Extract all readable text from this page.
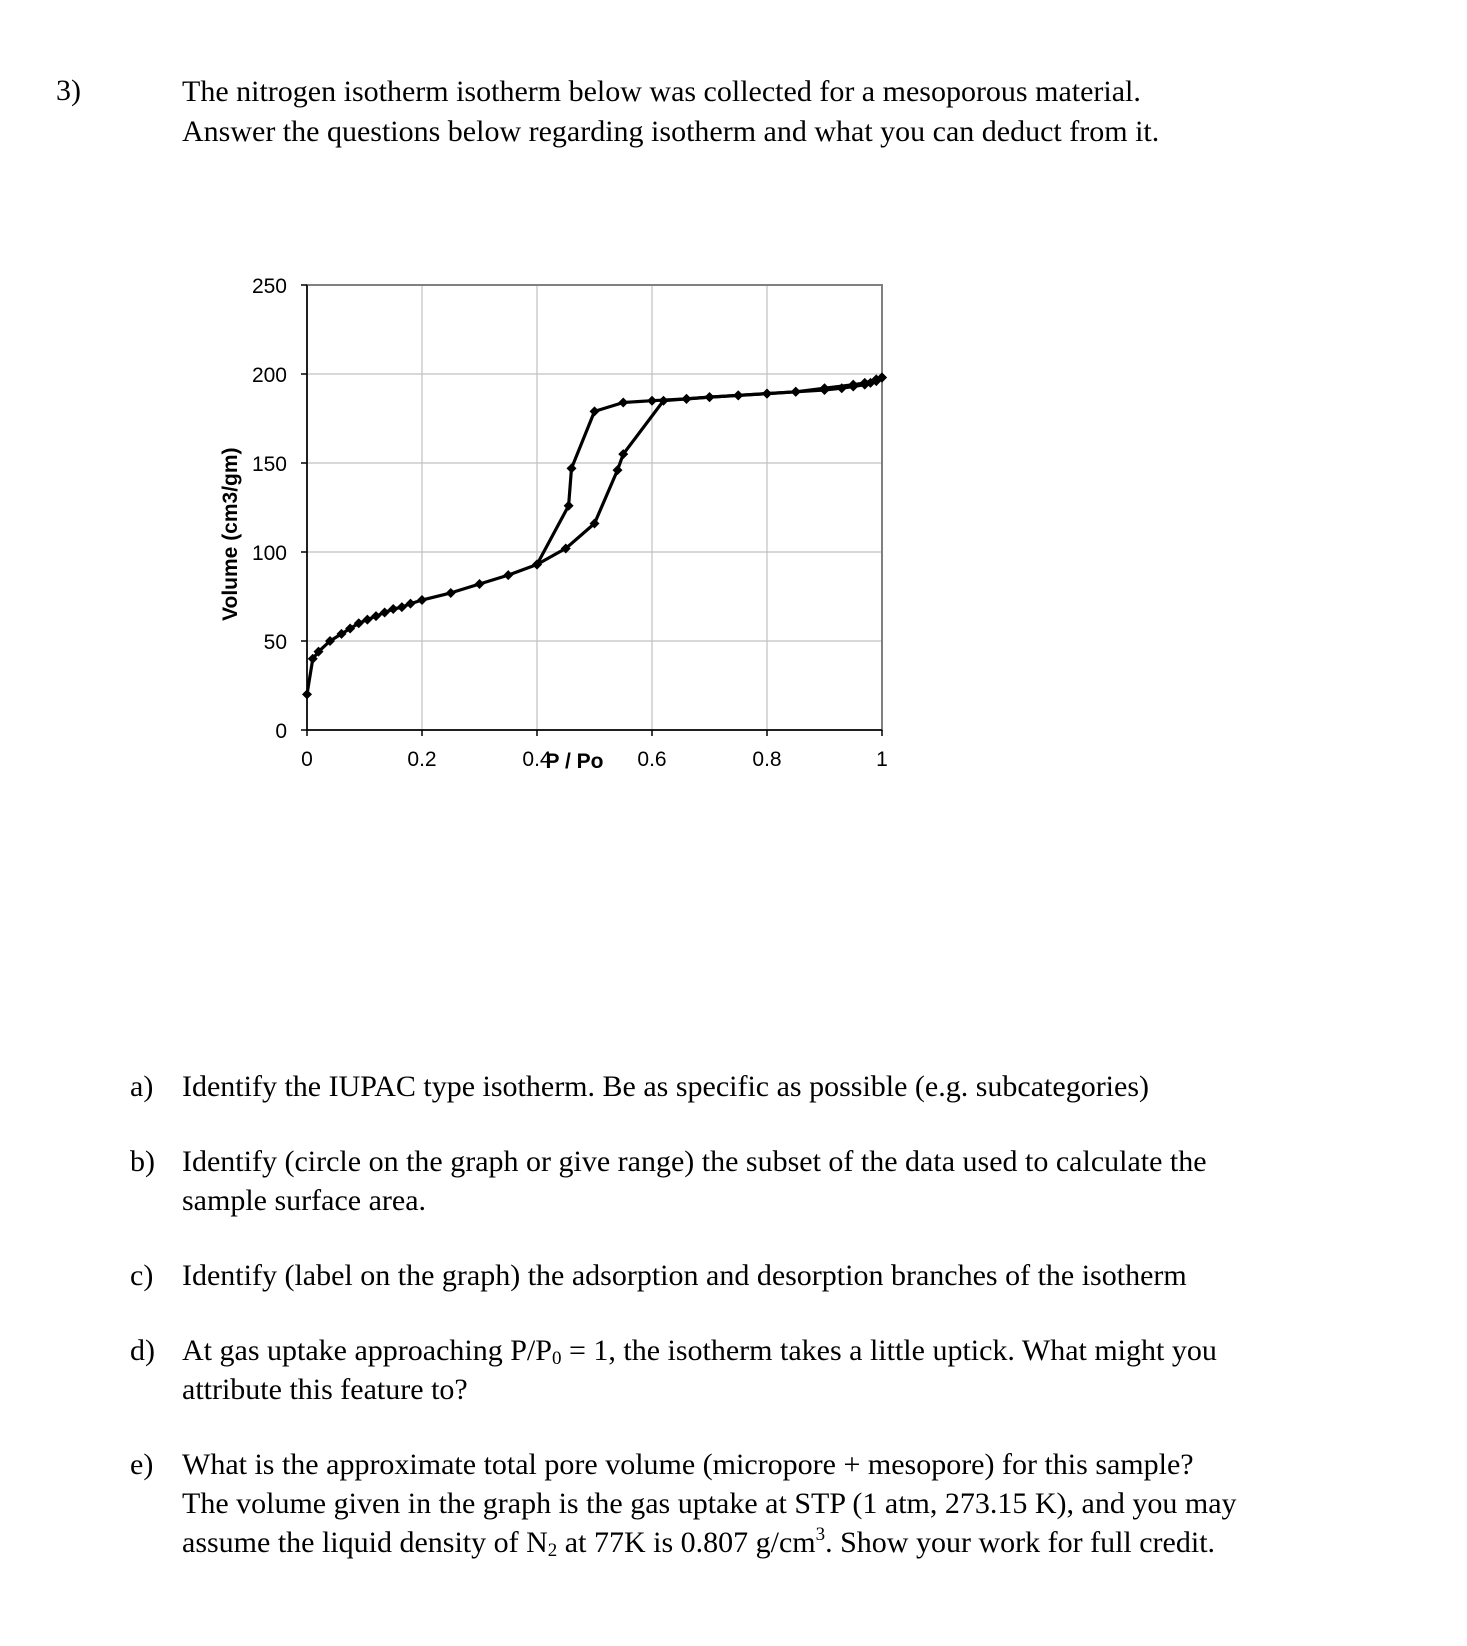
3)	The nitrogen isotherm isotherm below was collected for a mesoporous material.
Answer the questions below regarding isotherm and what you can deduct from it.
0
50
100
150
200
250
0	0.2	0.4	0.6	0.8	1
P / Po
Volume (cm3/gm)
a) Identify the IUPAC type isotherm. Be as specific as possible (e.g. subcategories)
b) Identify (circle on the graph or give range) the subset of the data used to calculate the
sample surface area.
c) Identify (label on the graph) the adsorption and desorption branches of the isotherm
d) At gas uptake approaching $P/P_0 = 1$, the isotherm takes a little uptick. What might you
attribute this feature to?
e) What is the approximate total pore volume (micropore + mesopore) for this sample?
The volume given in the graph is the gas uptake at STP (1 atm, 273.15 K), and you may
assume the liquid density of $N_2$ at 77K is 0.807 $g/cm^3$. Show your work for full credit.
